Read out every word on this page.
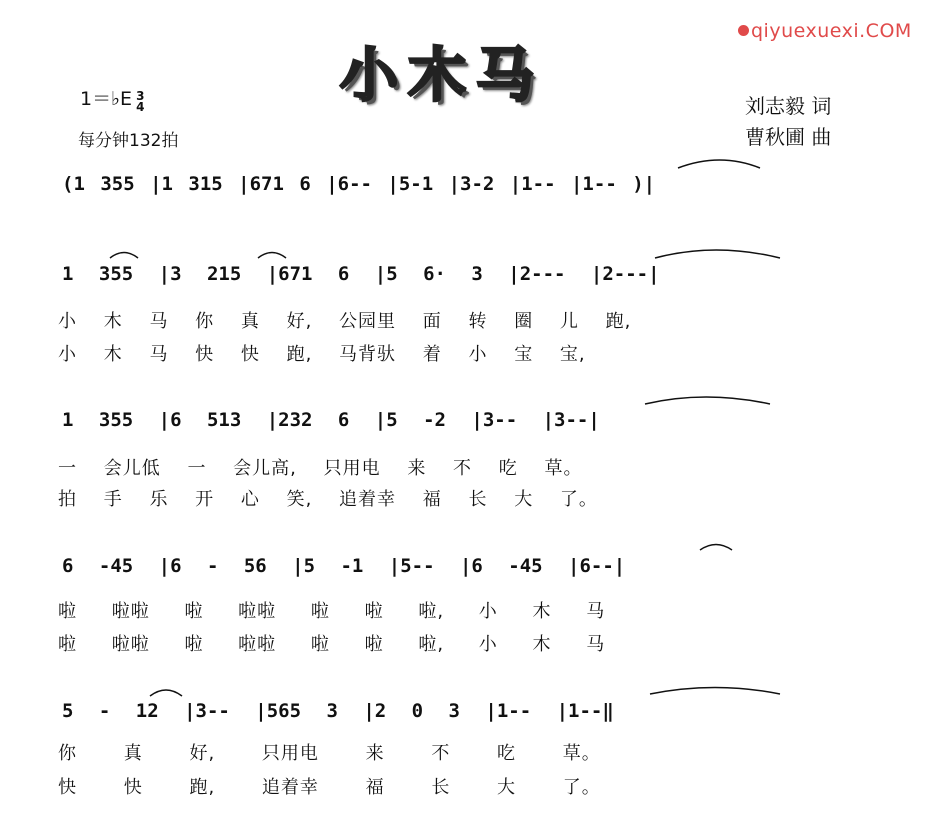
qiyuexuexi.COM
小木马
1＝♭E 3
4
每分钟132拍
刘志毅 词
曹秋圃 曲
(1 355 |1 315 |671 6 |6-- |5-1 |3-2 |1-- |1-- )|
1 355 |3 215 |671 6 |5 6· 3 |2--- |2---|
小 木 马 你 真 好, 公园里 面 转 圈 儿 跑,
小 木 马 快 快 跑, 马背驮 着 小 宝 宝,
1 355 |6 513 |232 6 |5 -2 |3-- |3--|
一 会儿低 一 会儿高, 只用电 来 不 吃 草。
拍 手 乐 开 心 笑, 追着幸 福 长 大 了。
6 -45 |6 - 56 |5 -1 |5-- |6 -45 |6--|
啦 啦啦 啦 啦啦 啦 啦 啦, 小 木 马
啦 啦啦 啦 啦啦 啦 啦 啦, 小 木 马
5 - 12 |3-- |565 3 |2 0 3 |1-- |1--‖
你 真 好, 只用电 来 不 吃 草。
快 快 跑, 追着幸 福 长 大 了。
